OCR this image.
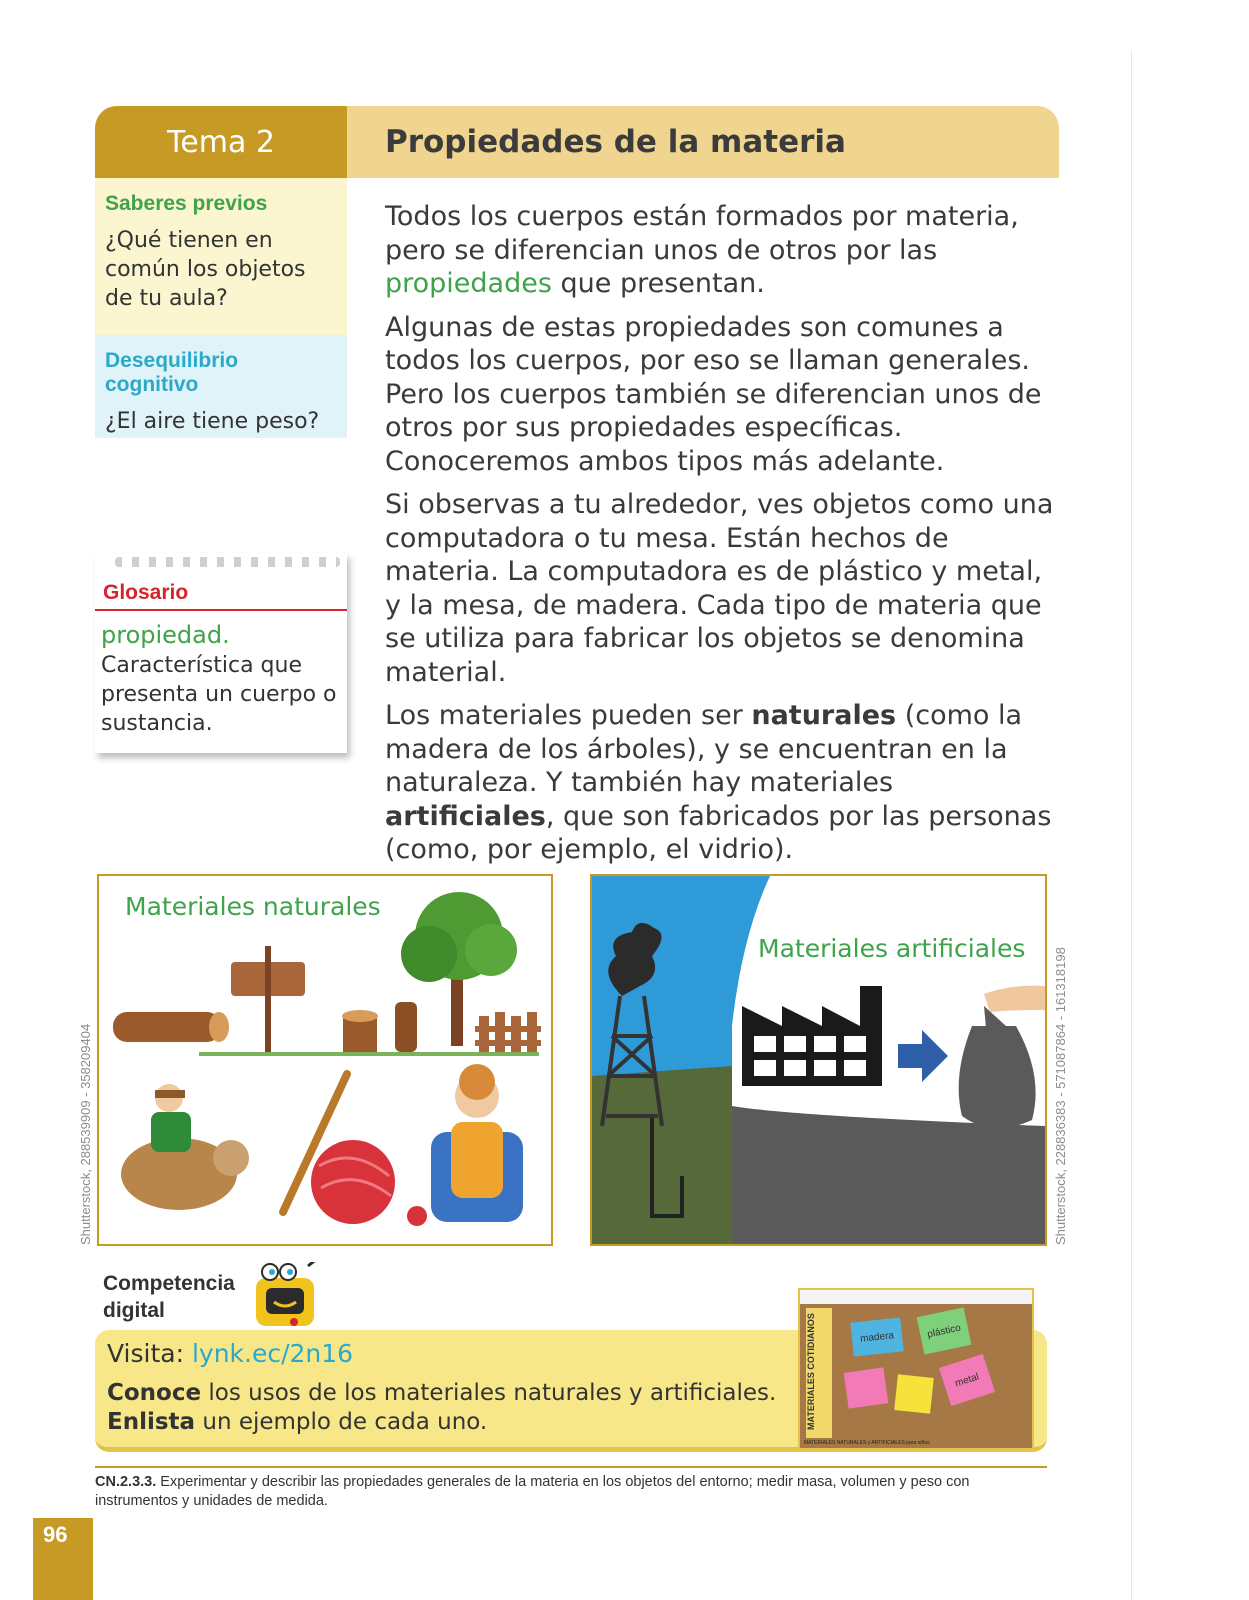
Tema 2	Propiedades de la materia
Saberes previos
¿Qué tienen en común los objetos de tu aula?
Desequilibrio cognitivo
¿El aire tiene peso?
Glosario
propiedad.
Característica que presenta un cuerpo o sustancia.

Todos los cuerpos están formados por materia, pero se diferencian unos de otros por las propiedades que presentan.

Algunas de estas propiedades son comunes a todos los cuerpos, por eso se llaman generales. Pero los cuerpos también se diferencian unos de otros por sus propiedades específicas. Conoceremos ambos tipos más adelante.

Si observas a tu alrededor, ves objetos como una computadora o tu mesa. Están hechos de materia. La computadora es de plástico y metal, y la mesa, de madera. Cada tipo de materia que se utiliza para fabricar los objetos se denomina material.

Los materiales pueden ser naturales (como la madera de los árboles), y se encuentran en la naturaleza. Y también hay materiales artificiales, que son fabricados por las personas (como, por ejemplo, el vidrio).

Materiales naturales
Materiales artificiales
Shutterstock, 288539909 - 358209404	Shutterstock, 228836383 - 571087864 - 161318198
Competencia
digital
Visita: lynk.ec/2n16
Conoce los usos de los materiales naturales y artificiales.
Enlista un ejemplo de cada uno.	MATERIALES COTIDIANOS	madera	plástico
metal
MATERIALES NATURALES y ARTIFICIALES para niños
CN.2.3.3. Experimentar y describir las propiedades generales de la materia en los objetos del entorno; medir masa, volumen y peso con instrumentos y unidades de medida.
96
